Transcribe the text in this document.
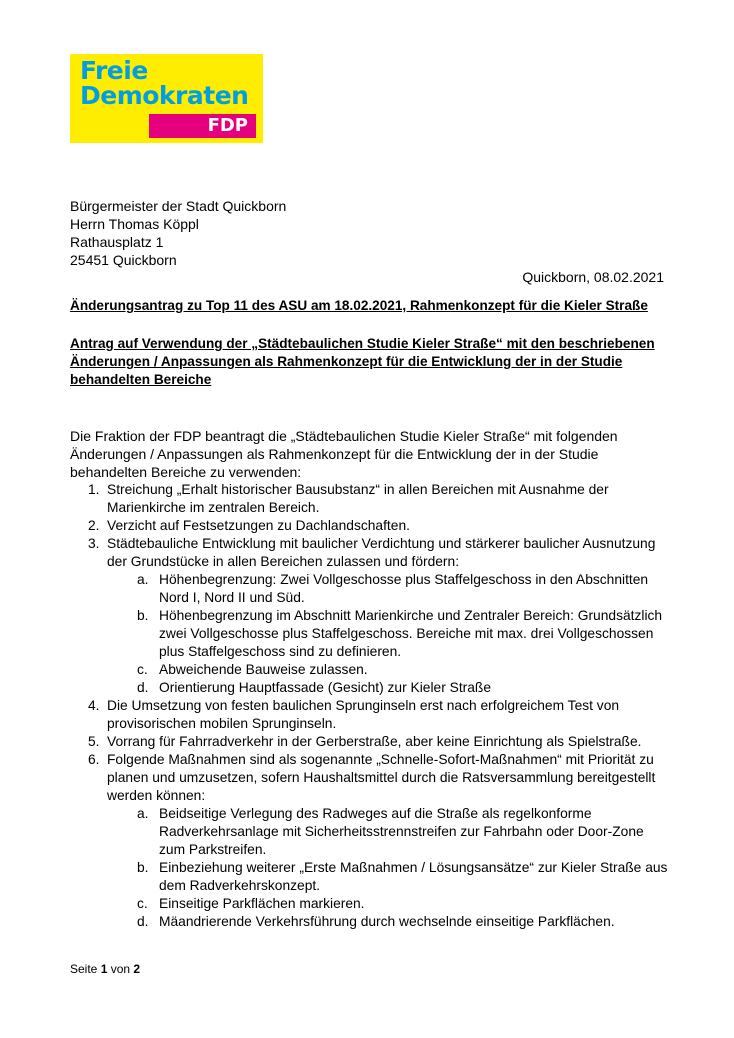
Freie
Demokraten
FDP
Bürgermeister der Stadt Quickborn
Herrn Thomas Köppl
Rathausplatz 1
25451 Quickborn
Quickborn, 08.02.2021
Änderungsantrag zu Top 11 des ASU am 18.02.2021, Rahmenkonzept für die Kieler Straße
Antrag auf Verwendung der „Städtebaulichen Studie Kieler Straße“ mit den beschriebenen Änderungen / Anpassungen als Rahmenkonzept für die Entwicklung der in der Studie behandelten Bereiche
Die Fraktion der FDP beantragt die „Städtebaulichen Studie Kieler Straße“ mit folgenden Änderungen / Anpassungen als Rahmenkonzept für die Entwicklung der in der Studie behandelten Bereiche zu verwenden:
1. Streichung „Erhalt historischer Bausubstanz“ in allen Bereichen mit Ausnahme der Marienkirche im zentralen Bereich.
2. Verzicht auf Festsetzungen zu Dachlandschaften.
3. Städtebauliche Entwicklung mit baulicher Verdichtung und stärkerer baulicher Ausnutzung der Grundstücke in allen Bereichen zulassen und fördern:
a. Höhenbegrenzung: Zwei Vollgeschosse plus Staffelgeschoss in den Abschnitten Nord I, Nord II und Süd.
b. Höhenbegrenzung im Abschnitt Marienkirche und Zentraler Bereich: Grundsätzlich zwei Vollgeschosse plus Staffelgeschoss. Bereiche mit max. drei Vollgeschossen plus Staffelgeschoss sind zu definieren.
c. Abweichende Bauweise zulassen.
d. Orientierung Hauptfassade (Gesicht) zur Kieler Straße
4. Die Umsetzung von festen baulichen Sprunginseln erst nach erfolgreichem Test von provisorischen mobilen Sprunginseln.
5. Vorrang für Fahrradverkehr in der Gerberstraße, aber keine Einrichtung als Spielstraße.
6. Folgende Maßnahmen sind als sogenannte „Schnelle-Sofort-Maßnahmen“ mit Priorität zu planen und umzusetzen, sofern Haushaltsmittel durch die Ratsversammlung bereitgestellt werden können:
a. Beidseitige Verlegung des Radweges auf die Straße als regelkonforme Radverkehrsanlage mit Sicherheitsstrennstreifen zur Fahrbahn oder Door-Zone zum Parkstreifen.
b. Einbeziehung weiterer „Erste Maßnahmen / Lösungsansätze“ zur Kieler Straße aus dem Radverkehrskonzept.
c. Einseitige Parkflächen markieren.
d. Mäandrierende Verkehrsführung durch wechselnde einseitige Parkflächen.
Seite 1 von 2
